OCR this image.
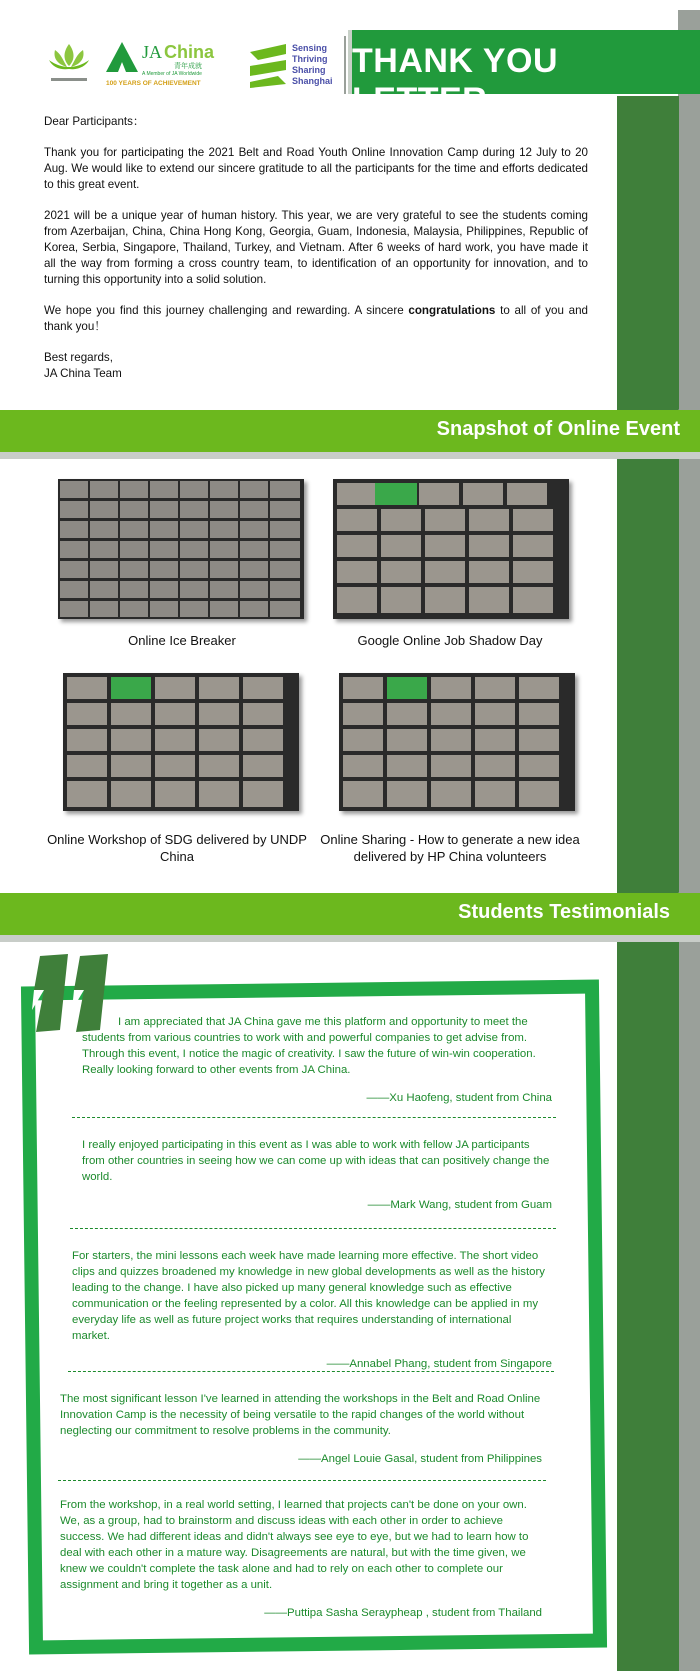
JA China
青年成就
A Member of JA Worldwide
100 YEARS OF ACHIEVEMENT
Sensing
Thriving
Sharing
Shanghai
THANK YOU LETTER

Dear Participants：

Thank you for participating the 2021 Belt and Road Youth Online Innovation Camp during 12 July to 20 Aug. We would like to extend our sincere gratitude to all the participants for the time and efforts dedicated to this great event.

2021 will be a unique year of human history. This year, we are very grateful to see the students coming from Azerbaijan, China, China Hong Kong, Georgia, Guam, Indonesia, Malaysia, Philippines, Republic of Korea, Serbia, Singapore, Thailand, Turkey, and Vietnam. After 6 weeks of hard work, you have made it all the way from forming a cross country team, to identification of an opportunity for innovation, and to turning this opportunity into a solid solution.

We hope you find this journey challenging and rewarding. A sincere congratulations to all of you and thank you！

Best regards,
JA China Team
Snapshot of Online Event
Online Ice Breaker	Google Online Job Shadow Day
Online Workshop of SDG delivered by UNDP China
Online Sharing - How to generate a new idea delivered by HP China volunteers
Students Testimonials
I am appreciated that JA China gave me this platform and opportunity to meet the students from various countries to work with and powerful companies to get advise from. Through this event, I notice the magic of creativity. I saw the future of win-win cooperation. Really looking forward to other events from JA China.
——Xu Haofeng, student from China
I really enjoyed participating in this event as I was able to work with fellow JA participants from other countries in seeing how we can come up with ideas that can positively change the world.
——Mark Wang, student from Guam
For starters, the mini lessons each week have made learning more effective. The short video clips and quizzes broadened my knowledge in new global developments as well as the history leading to the change. I have also picked up many general knowledge such as effective communication or the feeling represented by a color. All this knowledge can be applied in my everyday life as well as future project works that requires understanding of international market.
——Annabel Phang, student from Singapore
The most significant lesson I've learned in attending the workshops in the Belt and Road Online Innovation Camp is the necessity of being versatile to the rapid changes of the world without neglecting our commitment to resolve problems in the community.
——Angel Louie Gasal, student from Philippines
From the workshop, in a real world setting, I learned that projects can't be done on your own. We, as a group, had to brainstorm and discuss ideas with each other in order to achieve success. We had different ideas and didn't always see eye to eye, but we had to learn how to deal with each other in a mature way. Disagreements are natural, but with the time given, we knew we couldn't complete the task alone and had to rely on each other to complete our assignment and bring it together as a unit.
——Puttipa Sasha Seraypheap , student from Thailand
